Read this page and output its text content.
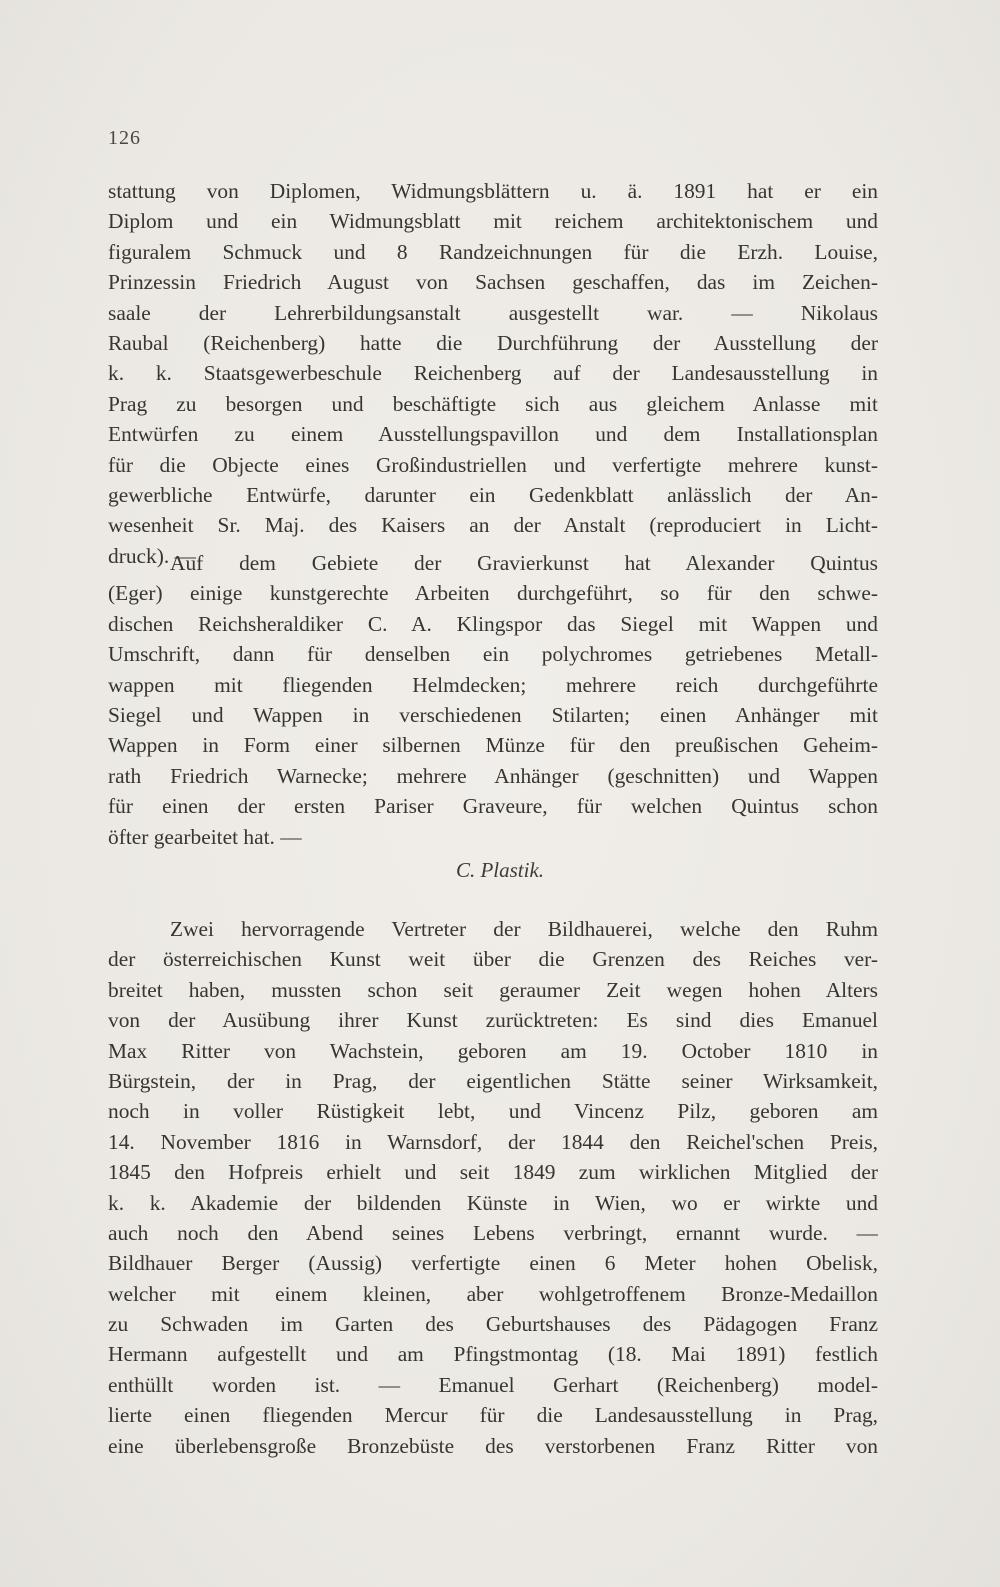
126
stattung von Diplomen, Widmungsblättern u. ä. 1891 hat er ein
Diplom und ein Widmungsblatt mit reichem architektonischem und
figuralem Schmuck und 8 Randzeichnungen für die Erzh. Louise,
Prinzessin Friedrich August von Sachsen geschaffen, das im Zeichen-
saale der Lehrerbildungsanstalt ausgestellt war. — Nikolaus
Raubal (Reichenberg) hatte die Durchführung der Ausstellung der
k. k. Staatsgewerbeschule Reichenberg auf der Landesausstellung in
Prag zu besorgen und beschäftigte sich aus gleichem Anlasse mit
Entwürfen zu einem Ausstellungspavillon und dem Installationsplan
für die Objecte eines Großindustriellen und verfertigte mehrere kunst-
gewerbliche Entwürfe, darunter ein Gedenkblatt anlässlich der An-
wesenheit Sr. Maj. des Kaisers an der Anstalt (reproduciert in Licht-
druck). —
Auf dem Gebiete der Gravierkunst hat Alexander Quintus
(Eger) einige kunstgerechte Arbeiten durchgeführt, so für den schwe-
dischen Reichsheraldiker C. A. Klingspor das Siegel mit Wappen und
Umschrift, dann für denselben ein polychromes getriebenes Metall-
wappen mit fliegenden Helmdecken; mehrere reich durchgeführte
Siegel und Wappen in verschiedenen Stilarten; einen Anhänger mit
Wappen in Form einer silbernen Münze für den preußischen Geheim-
rath Friedrich Warnecke; mehrere Anhänger (geschnitten) und Wappen
für einen der ersten Pariser Graveure, für welchen Quintus schon
öfter gearbeitet hat. —
C. Plastik.
Zwei hervorragende Vertreter der Bildhauerei, welche den Ruhm
der österreichischen Kunst weit über die Grenzen des Reiches ver-
breitet haben, mussten schon seit geraumer Zeit wegen hohen Alters
von der Ausübung ihrer Kunst zurücktreten: Es sind dies Emanuel
Max Ritter von Wachstein, geboren am 19. October 1810 in
Bürgstein, der in Prag, der eigentlichen Stätte seiner Wirksamkeit,
noch in voller Rüstigkeit lebt, und Vincenz Pilz, geboren am
14. November 1816 in Warnsdorf, der 1844 den Reichel'schen Preis,
1845 den Hofpreis erhielt und seit 1849 zum wirklichen Mitglied der
k. k. Akademie der bildenden Künste in Wien, wo er wirkte und
auch noch den Abend seines Lebens verbringt, ernannt wurde. —
Bildhauer Berger (Aussig) verfertigte einen 6 Meter hohen Obelisk,
welcher mit einem kleinen, aber wohlgetroffenem Bronze-Medaillon
zu Schwaden im Garten des Geburtshauses des Pädagogen Franz
Hermann aufgestellt und am Pfingstmontag (18. Mai 1891) festlich
enthüllt worden ist. — Emanuel Gerhart (Reichenberg) model-
lierte einen fliegenden Mercur für die Landesausstellung in Prag,
eine überlebensgroße Bronzebüste des verstorbenen Franz Ritter von
